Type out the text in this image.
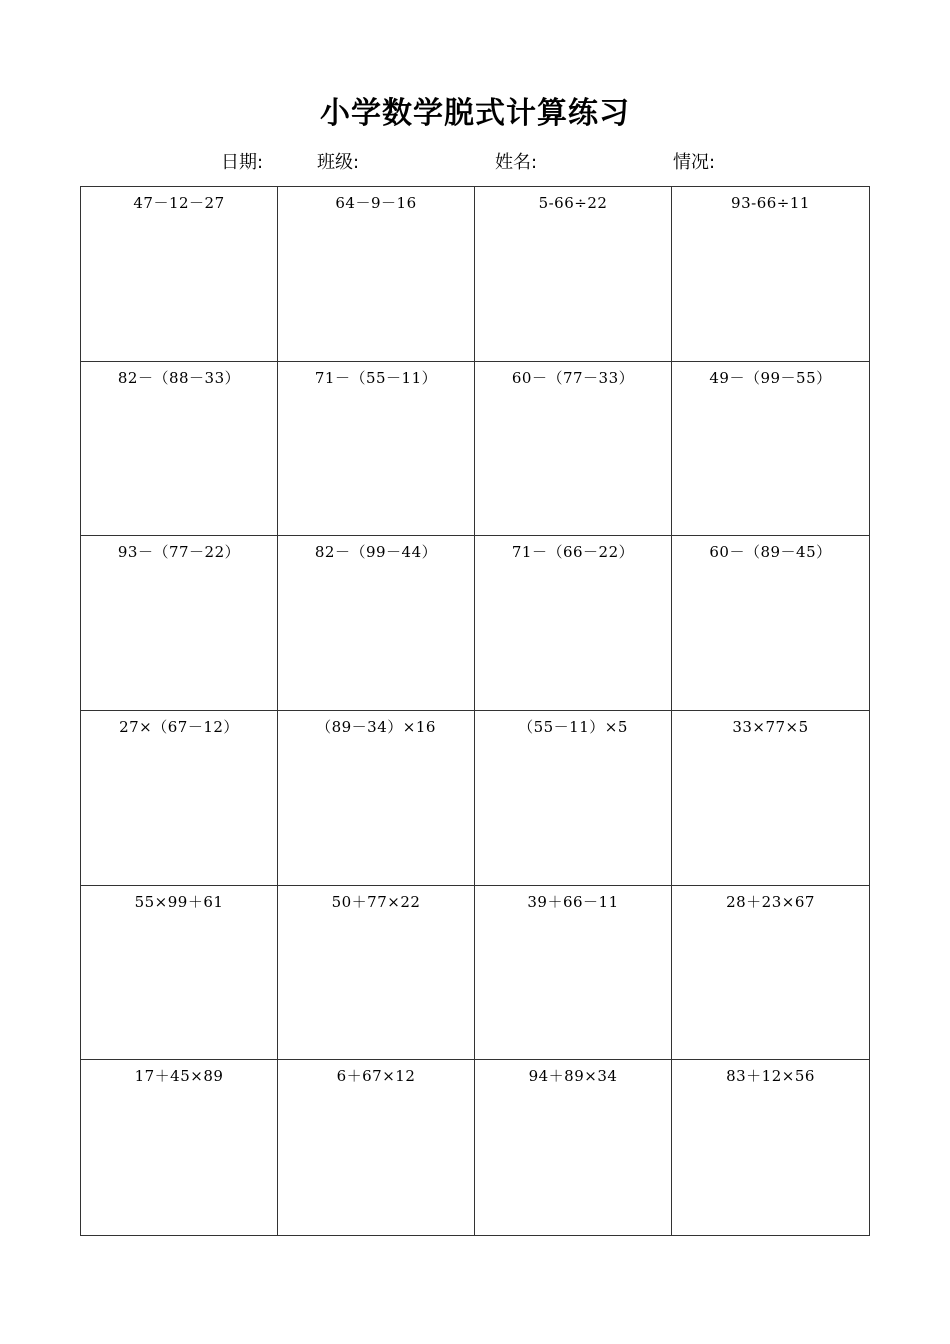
小学数学脱式计算练习
日期:	班级:	姓名:	情况:
47－12－27	64－9－16	5-66÷22	93-66÷11
82－（88－33）	71－（55－11）	60－（77－33）	49－（99－55）
93－（77－22）	82－（99－44）	71－（66－22）	60－（89－45）
27×（67－12）	（89－34）×16	（55－11）×5	33×77×5
55×99＋61	50＋77×22	39＋66－11	28＋23×67
17＋45×89	6＋67×12	94＋89×34	83＋12×56
